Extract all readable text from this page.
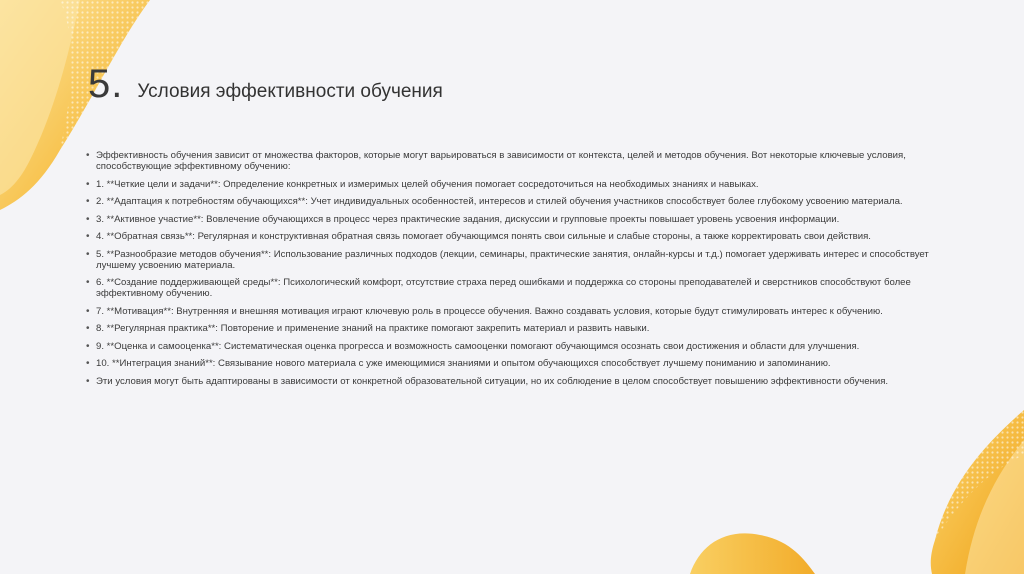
5. Условия эффективности обучения
• Эффективность обучения зависит от множества факторов, которые могут варьироваться в зависимости от контекста, целей и методов обучения. Вот некоторые ключевые условия, способствующие эффективному обучению:
• 1. **Четкие цели и задачи**: Определение конкретных и измеримых целей обучения помогает сосредоточиться на необходимых знаниях и навыках.
• 2. **Адаптация к потребностям обучающихся**: Учет индивидуальных особенностей, интересов и стилей обучения участников способствует более глубокому усвоению материала.
• 3. **Активное участие**: Вовлечение обучающихся в процесс через практические задания, дискуссии и групповые проекты повышает уровень усвоения информации.
• 4. **Обратная связь**: Регулярная и конструктивная обратная связь помогает обучающимся понять свои сильные и слабые стороны, а также корректировать свои действия.
• 5. **Разнообразие методов обучения**: Использование различных подходов (лекции, семинары, практические занятия, онлайн-курсы и т.д.) помогает удерживать интерес и способствует лучшему усвоению материала.
• 6. **Создание поддерживающей среды**: Психологический комфорт, отсутствие страха перед ошибками и поддержка со стороны преподавателей и сверстников способствуют более эффективному обучению.
• 7. **Мотивация**: Внутренняя и внешняя мотивация играют ключевую роль в процессе обучения. Важно создавать условия, которые будут стимулировать интерес к обучению.
• 8. **Регулярная практика**: Повторение и применение знаний на практике помогают закрепить материал и развить навыки.
• 9. **Оценка и самооценка**: Систематическая оценка прогресса и возможность самооценки помогают обучающимся осознать свои достижения и области для улучшения.
• 10. **Интеграция знаний**: Связывание нового материала с уже имеющимися знаниями и опытом обучающихся способствует лучшему пониманию и запоминанию.
• Эти условия могут быть адаптированы в зависимости от конкретной образовательной ситуации, но их соблюдение в целом способствует повышению эффективности обучения.
